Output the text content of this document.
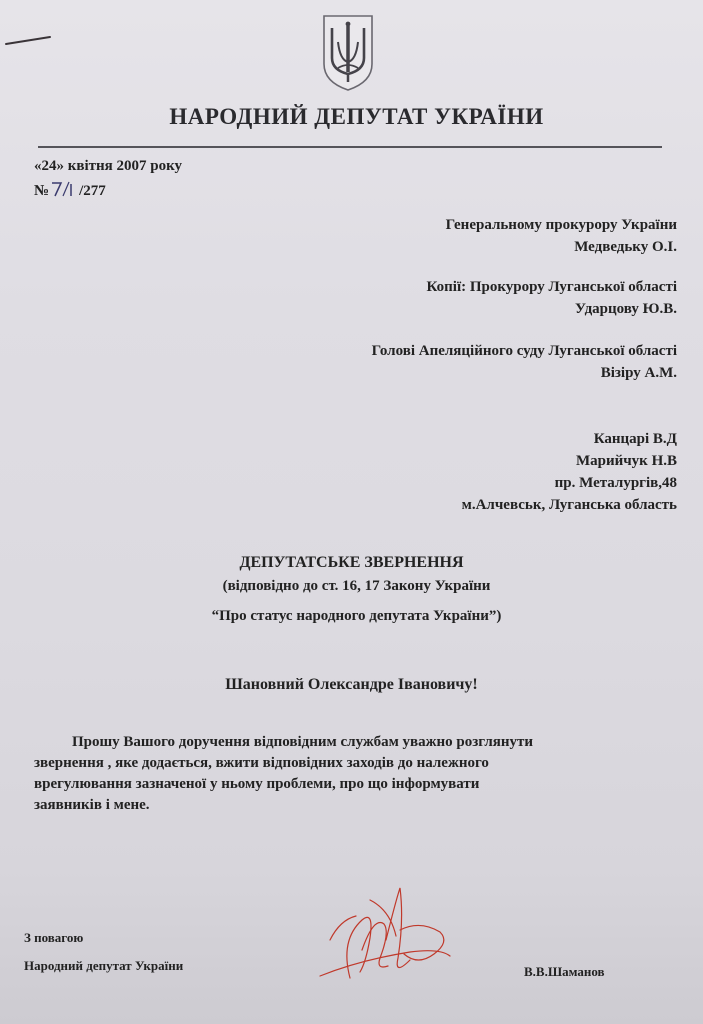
НАРОДНИЙ ДЕПУТАТ УКРАЇНИ
«24» квітня 2007 року
№ /277
Генеральному прокурору України
Медведьку О.І.
Копії: Прокурору Луганської області
Ударцову Ю.В.
Голові Апеляційного суду Луганської області
Візіру А.М.
Канцарі В.Д
Марийчук Н.В
пр. Металургів,48
м.Алчевськ, Луганська область
ДЕПУТАТСЬКЕ ЗВЕРНЕННЯ
(відповідно до ст. 16, 17 Закону України
“Про статус народного депутата України”)
Шановний Олександре Івановичу!
Прошу Вашого доручення відповідним службам уважно розглянути
звернення , яке додається, вжити відповідних заходів до належного
врегулювання зазначеної у ньому проблеми, про що інформувати
заявників і мене.
З повагою
Народний депутат України	В.В.Шаманов
